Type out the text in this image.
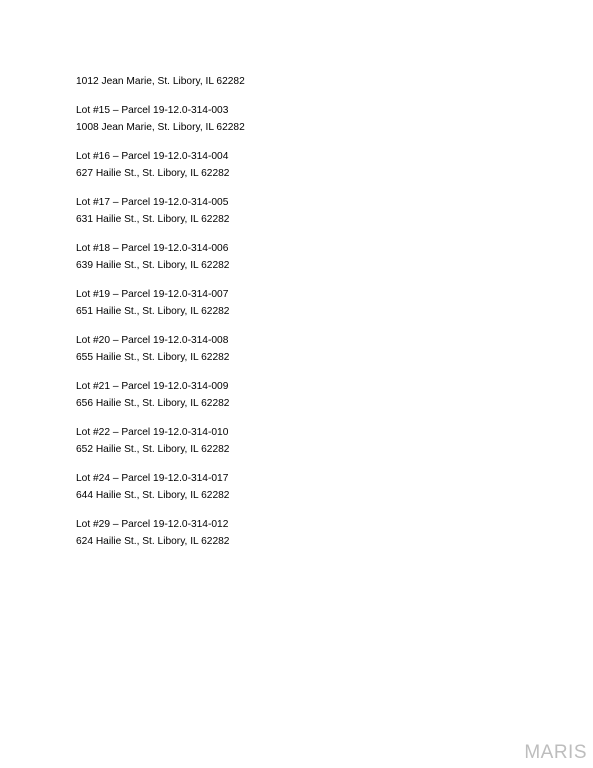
1012 Jean Marie, St. Libory, IL 62282
Lot #15 – Parcel 19-12.0-314-003
1008 Jean Marie, St. Libory, IL 62282
Lot #16 – Parcel 19-12.0-314-004
627 Hailie St., St. Libory, IL 62282
Lot #17 – Parcel 19-12.0-314-005
631 Hailie St., St. Libory, IL 62282
Lot #18 – Parcel 19-12.0-314-006
639 Hailie St., St. Libory, IL 62282
Lot #19 – Parcel 19-12.0-314-007
651 Hailie St., St. Libory, IL 62282
Lot #20 – Parcel 19-12.0-314-008
655 Hailie St., St. Libory, IL 62282
Lot #21 – Parcel 19-12.0-314-009
656 Hailie St., St. Libory, IL 62282
Lot #22 – Parcel 19-12.0-314-010
652 Hailie St., St. Libory, IL 62282
Lot #24 – Parcel 19-12.0-314-017
644 Hailie St., St. Libory, IL 62282
Lot #29 – Parcel 19-12.0-314-012
624 Hailie St., St. Libory, IL 62282
MARIS
